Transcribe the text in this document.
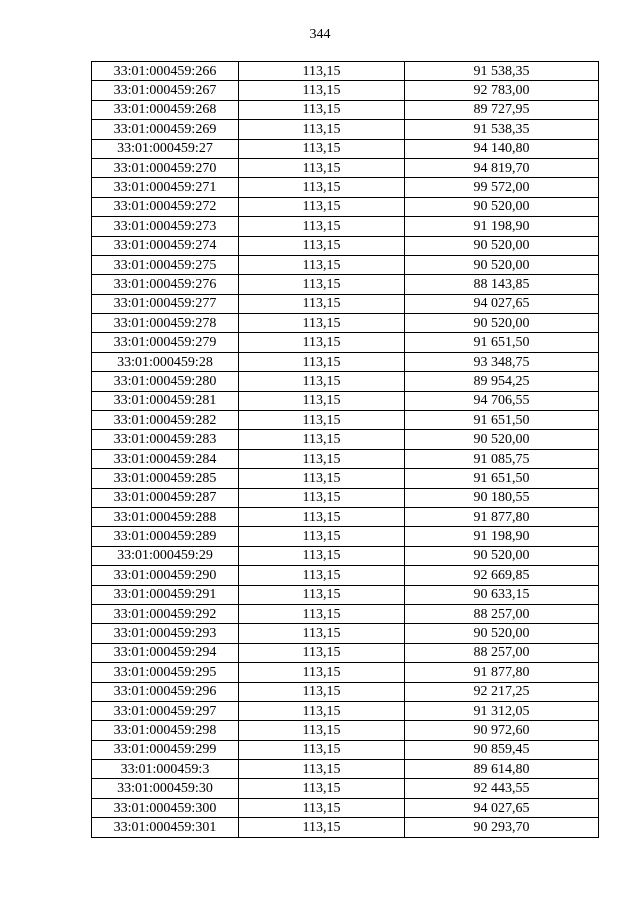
344
33:01:000459:266	113,15	91 538,35
33:01:000459:267	113,15	92 783,00
33:01:000459:268	113,15	89 727,95
33:01:000459:269	113,15	91 538,35
33:01:000459:27	113,15	94 140,80
33:01:000459:270	113,15	94 819,70
33:01:000459:271	113,15	99 572,00
33:01:000459:272	113,15	90 520,00
33:01:000459:273	113,15	91 198,90
33:01:000459:274	113,15	90 520,00
33:01:000459:275	113,15	90 520,00
33:01:000459:276	113,15	88 143,85
33:01:000459:277	113,15	94 027,65
33:01:000459:278	113,15	90 520,00
33:01:000459:279	113,15	91 651,50
33:01:000459:28	113,15	93 348,75
33:01:000459:280	113,15	89 954,25
33:01:000459:281	113,15	94 706,55
33:01:000459:282	113,15	91 651,50
33:01:000459:283	113,15	90 520,00
33:01:000459:284	113,15	91 085,75
33:01:000459:285	113,15	91 651,50
33:01:000459:287	113,15	90 180,55
33:01:000459:288	113,15	91 877,80
33:01:000459:289	113,15	91 198,90
33:01:000459:29	113,15	90 520,00
33:01:000459:290	113,15	92 669,85
33:01:000459:291	113,15	90 633,15
33:01:000459:292	113,15	88 257,00
33:01:000459:293	113,15	90 520,00
33:01:000459:294	113,15	88 257,00
33:01:000459:295	113,15	91 877,80
33:01:000459:296	113,15	92 217,25
33:01:000459:297	113,15	91 312,05
33:01:000459:298	113,15	90 972,60
33:01:000459:299	113,15	90 859,45
33:01:000459:3	113,15	89 614,80
33:01:000459:30	113,15	92 443,55
33:01:000459:300	113,15	94 027,65
33:01:000459:301	113,15	90 293,70
